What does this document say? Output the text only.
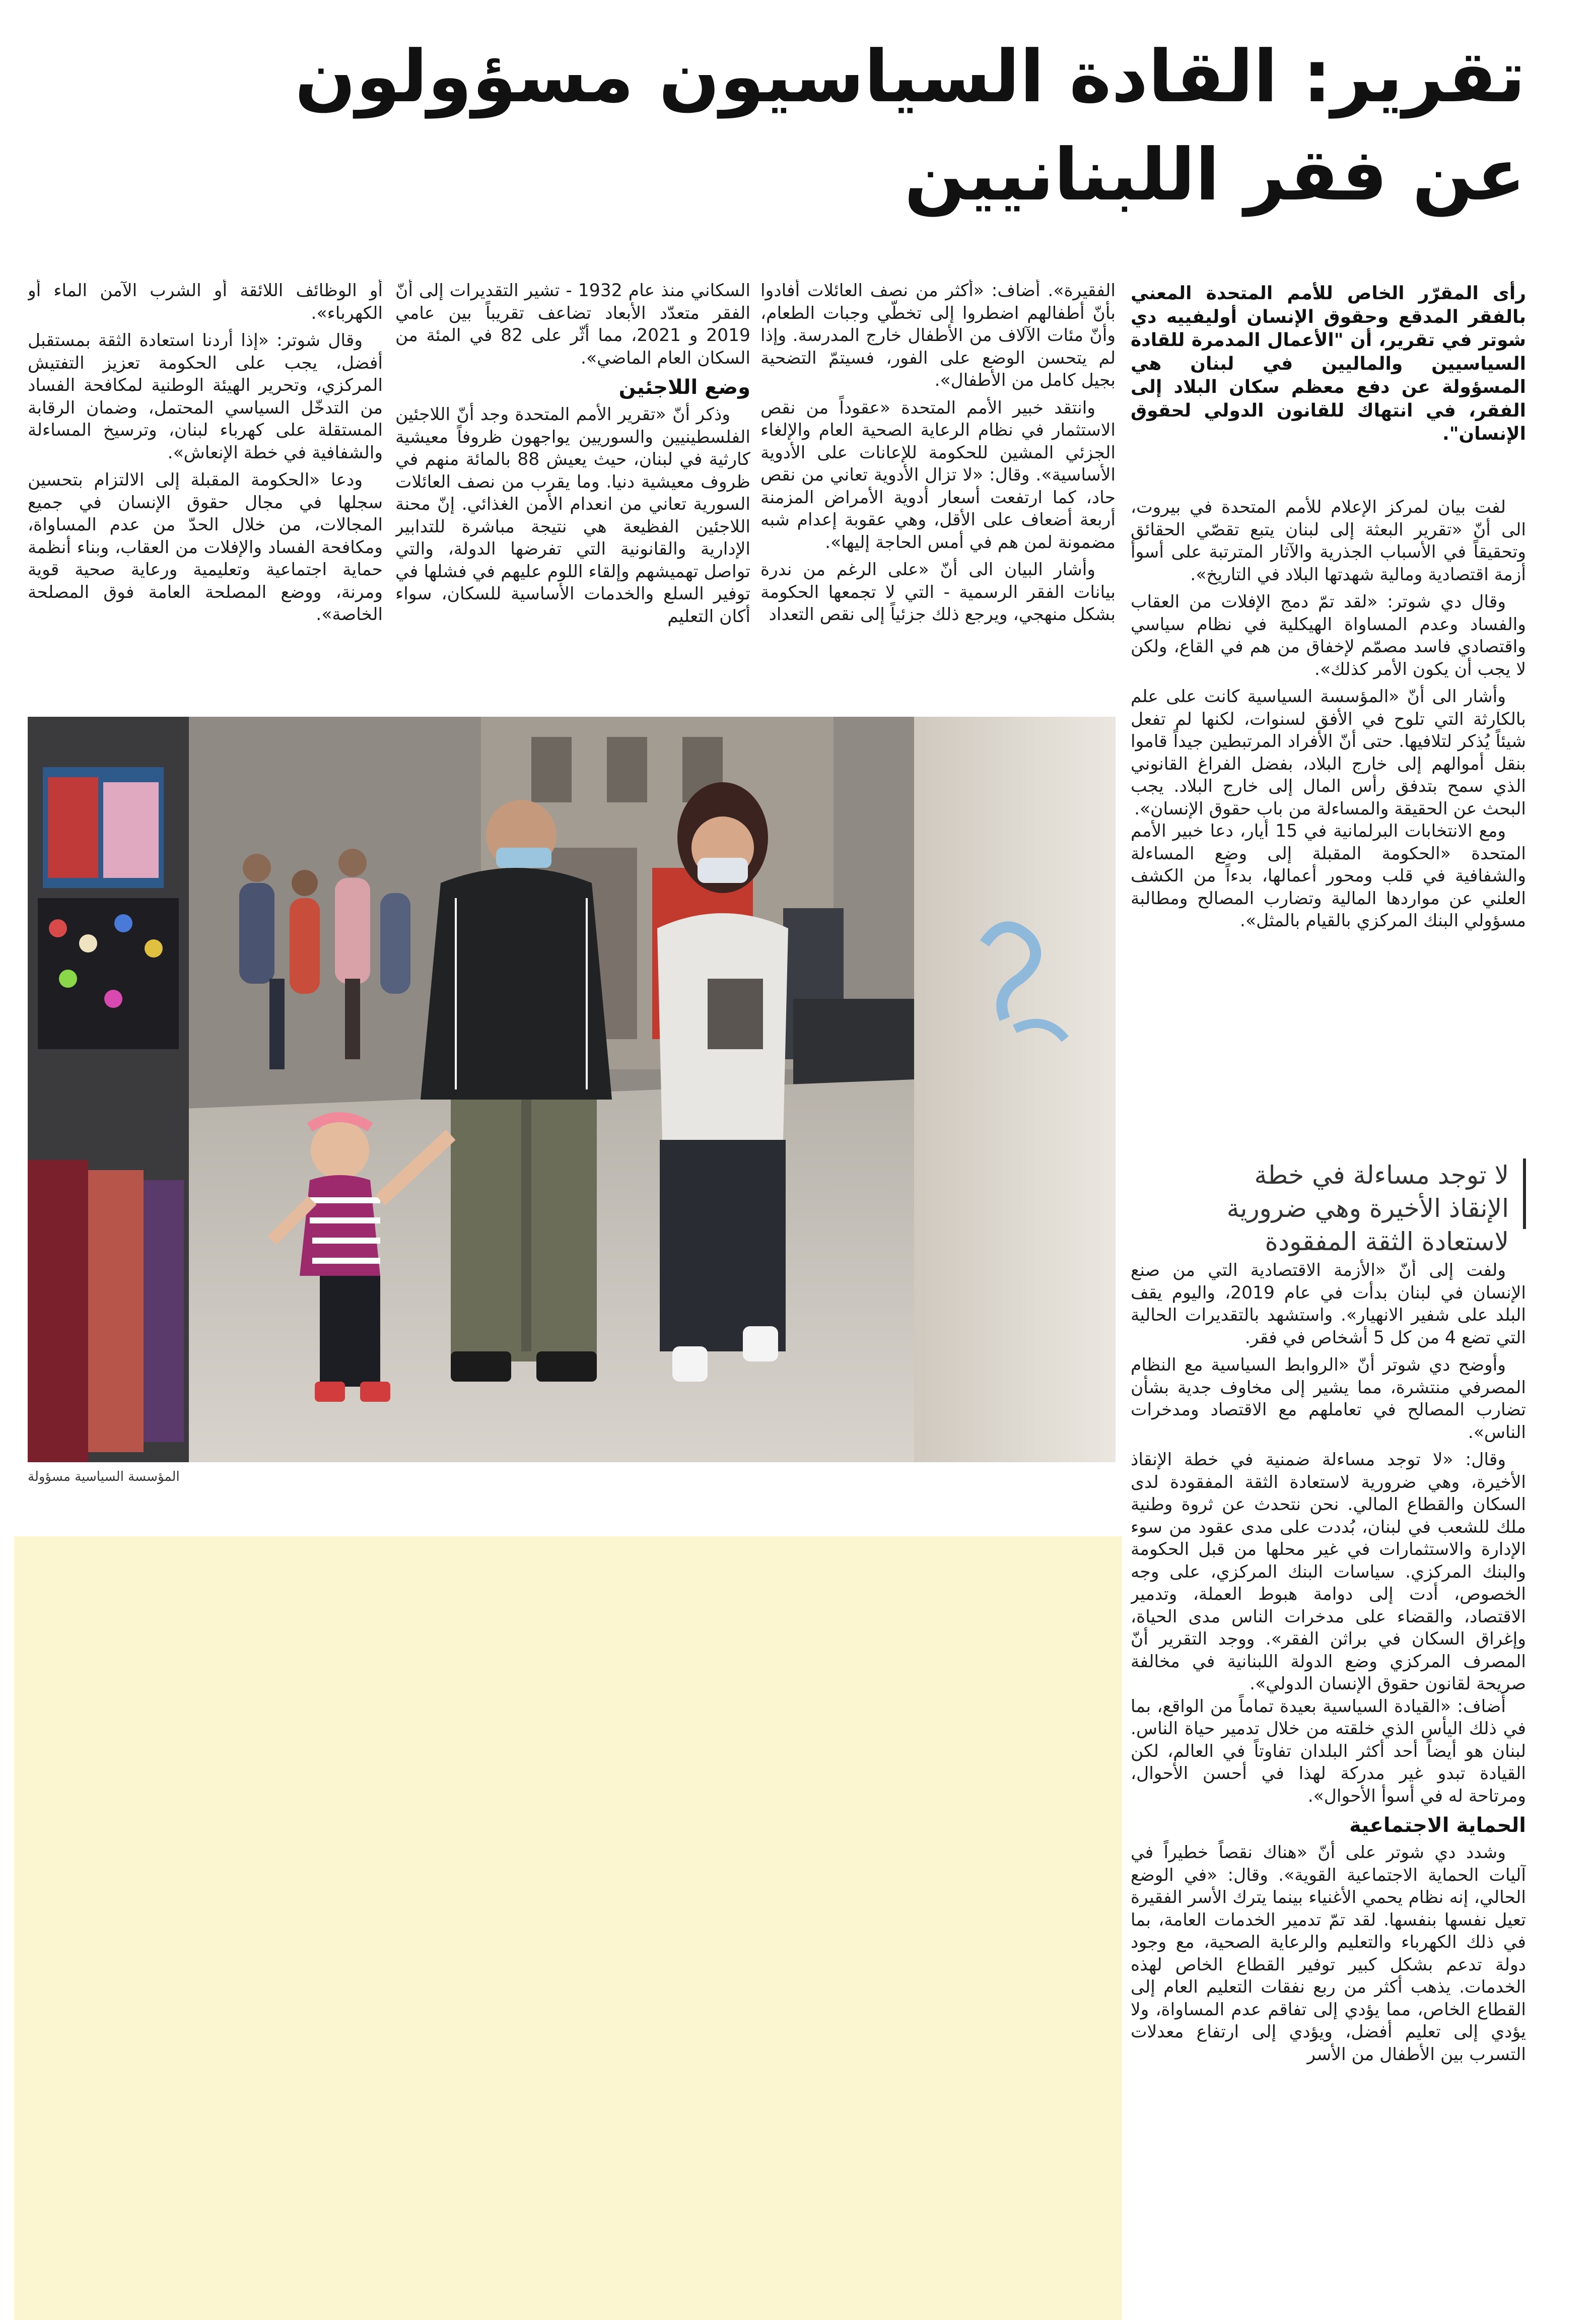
تقرير: القادة السياسيون مسؤولون
عن فقر اللبنانيين
رأى المقرّر الخاص للأمم المتحدة المعني بالفقر المدقع وحقوق الإنسان أوليفييه دي شوتر في تقرير، أن "الأعمال المدمرة للقادة السياسيين والماليين في لبنان هي المسؤولة عن دفع معظم سكان البلاد إلى الفقر، في انتهاك للقانون الدولي لحقوق الإنسان".

لفت بيان لمركز الإعلام للأمم المتحدة في بيروت، الى أنّ «تقرير البعثة إلى لبنان يتبع تقصّي الحقائق وتحقيقاً في الأسباب الجذرية والآثار المترتبة على أسوأ أزمة اقتصادية ومالية شهدتها البلاد في التاريخ».

وقال دي شوتر: «لقد تمّ دمج الإفلات من العقاب والفساد وعدم المساواة الهيكلية في نظام سياسي واقتصادي فاسد مصمّم لإخفاق من هم في القاع، ولكن لا يجب أن يكون الأمر كذلك».

وأشار الى أنّ «المؤسسة السياسية كانت على علم بالكارثة التي تلوح في الأفق لسنوات، لكنها لم تفعل شيئاً يُذكر لتلافيها. حتى أنّ الأفراد المرتبطين جيداً قاموا بنقل أموالهم إلى خارج البلاد، بفضل الفراغ القانوني الذي سمح بتدفق رأس المال إلى خارج البلاد. يجب البحث عن الحقيقة والمساءلة من باب حقوق الإنسان».

ومع الانتخابات البرلمانية في 15 أيار، دعا خبير الأمم المتحدة «الحكومة المقبلة إلى وضع المساءلة والشفافية في قلب ومحور أعمالها، بدءاً من الكشف العلني عن مواردها المالية وتضارب المصالح ومطالبة مسؤولي البنك المركزي بالقيام بالمثل».

لا توجد مساءلة في خطة
الإنقاذ الأخيرة وهي ضرورية
لاستعادة الثقة المفقودة

ولفت إلى أنّ «الأزمة الاقتصادية التي من صنع الإنسان في لبنان بدأت في عام 2019، واليوم يقف البلد على شفير الانهيار». واستشهد بالتقديرات الحالية التي تضع 4 من كل 5 أشخاص في فقر.

وأوضح دي شوتر أنّ «الروابط السياسية مع النظام المصرفي منتشرة، مما يشير إلى مخاوف جدية بشأن تضارب المصالح في تعاملهم مع الاقتصاد ومدخرات الناس».

وقال: «لا توجد مساءلة ضمنية في خطة الإنقاذ الأخيرة، وهي ضرورية لاستعادة الثقة المفقودة لدى السكان والقطاع المالي. نحن نتحدث عن ثروة وطنية ملك للشعب في لبنان، بُددت على مدى عقود من سوء الإدارة والاستثمارات في غير محلها من قبل الحكومة والبنك المركزي. سياسات البنك المركزي، على وجه الخصوص، أدت إلى دوامة هبوط العملة، وتدمير الاقتصاد، والقضاء على مدخرات الناس مدى الحياة، وإغراق السكان في براثن الفقر». ووجد التقرير أنّ المصرف المركزي وضع الدولة اللبنانية في مخالفة صريحة لقانون حقوق الإنسان الدولي».

أضاف: «القيادة السياسية بعيدة تماماً من الواقع، بما في ذلك اليأس الذي خلقته من خلال تدمير حياة الناس. لبنان هو أيضاً أحد أكثر البلدان تفاوتاً في العالم، لكن القيادة تبدو غير مدركة لهذا في أحسن الأحوال، ومرتاحة له في أسوأ الأحوال».

الحماية الاجتماعية

وشدد دي شوتر على أنّ «هناك نقصاً خطيراً في آليات الحماية الاجتماعية القوية». وقال: «في الوضع الحالي، إنه نظام يحمي الأغنياء بينما يترك الأسر الفقيرة تعيل نفسها بنفسها. لقد تمّ تدمير الخدمات العامة، بما في ذلك الكهرباء والتعليم والرعاية الصحية، مع وجود دولة تدعم بشكل كبير توفير القطاع الخاص لهذه الخدمات. يذهب أكثر من ربع نفقات التعليم العام إلى القطاع الخاص، مما يؤدي إلى تفاقم عدم المساواة، ولا يؤدي إلى تعليم أفضل، ويؤدي إلى ارتفاع معدلات التسرب بين الأطفال من الأسر

الفقيرة». أضاف: «أكثر من نصف العائلات أفادوا بأنّ أطفالهم اضطروا إلى تخطّي وجبات الطعام، وأنّ مئات الآلاف من الأطفال خارج المدرسة. وإذا لم يتحسن الوضع على الفور، فسيتمّ التضحية بجيل كامل من الأطفال».

وانتقد خبير الأمم المتحدة «عقوداً من نقص الاستثمار في نظام الرعاية الصحية العام والإلغاء الجزئي المشين للحكومة للإعانات على الأدوية الأساسية». وقال: «لا تزال الأدوية تعاني من نقص حاد، كما ارتفعت أسعار أدوية الأمراض المزمنة أربعة أضعاف على الأقل، وهي عقوبة إعدام شبه مضمونة لمن هم في أمس الحاجة إليها».

وأشار البيان الى أنّ «على الرغم من ندرة بيانات الفقر الرسمية - التي لا تجمعها الحكومة بشكل منهجي، ويرجع ذلك جزئياً إلى نقص التعداد

السكاني منذ عام 1932 - تشير التقديرات إلى أنّ الفقر متعدّد الأبعاد تضاعف تقريباً بين عامي 2019 و 2021، مما أثّر على 82 في المئة من السكان العام الماضي».

وضع اللاجئين

وذكر أنّ «تقرير الأمم المتحدة وجد أنّ اللاجئين الفلسطينيين والسوريين يواجهون ظروفاً معيشية كارثية في لبنان، حيث يعيش 88 بالمائة منهم في ظروف معيشية دنيا. وما يقرب من نصف العائلات السورية تعاني من انعدام الأمن الغذائي. إنّ محنة اللاجئين الفظيعة هي نتيجة مباشرة للتدابير الإدارية والقانونية التي تفرضها الدولة، والتي تواصل تهميشهم وإلقاء اللوم عليهم في فشلها في توفير السلع والخدمات الأساسية للسكان، سواء أكان التعليم

أو الوظائف اللائقة أو الشرب الآمن الماء أو الكهرباء».

وقال شوتر: «إذا أردنا استعادة الثقة بمستقبل أفضل، يجب على الحكومة تعزيز التفتيش المركزي، وتحرير الهيئة الوطنية لمكافحة الفساد من التدخّل السياسي المحتمل، وضمان الرقابة المستقلة على كهرباء لبنان، وترسيخ المساءلة والشفافية في خطة الإنعاش».

ودعا «الحكومة المقبلة إلى الالتزام بتحسين سجلها في مجال حقوق الإنسان في جميع المجالات، من خلال الحدّ من عدم المساواة، ومكافحة الفساد والإفلات من العقاب، وبناء أنظمة حماية اجتماعية وتعليمية ورعاية صحية قوية ومرنة، ووضع المصلحة العامة فوق المصلحة الخاصة».

المؤسسة السياسية مسؤولة
